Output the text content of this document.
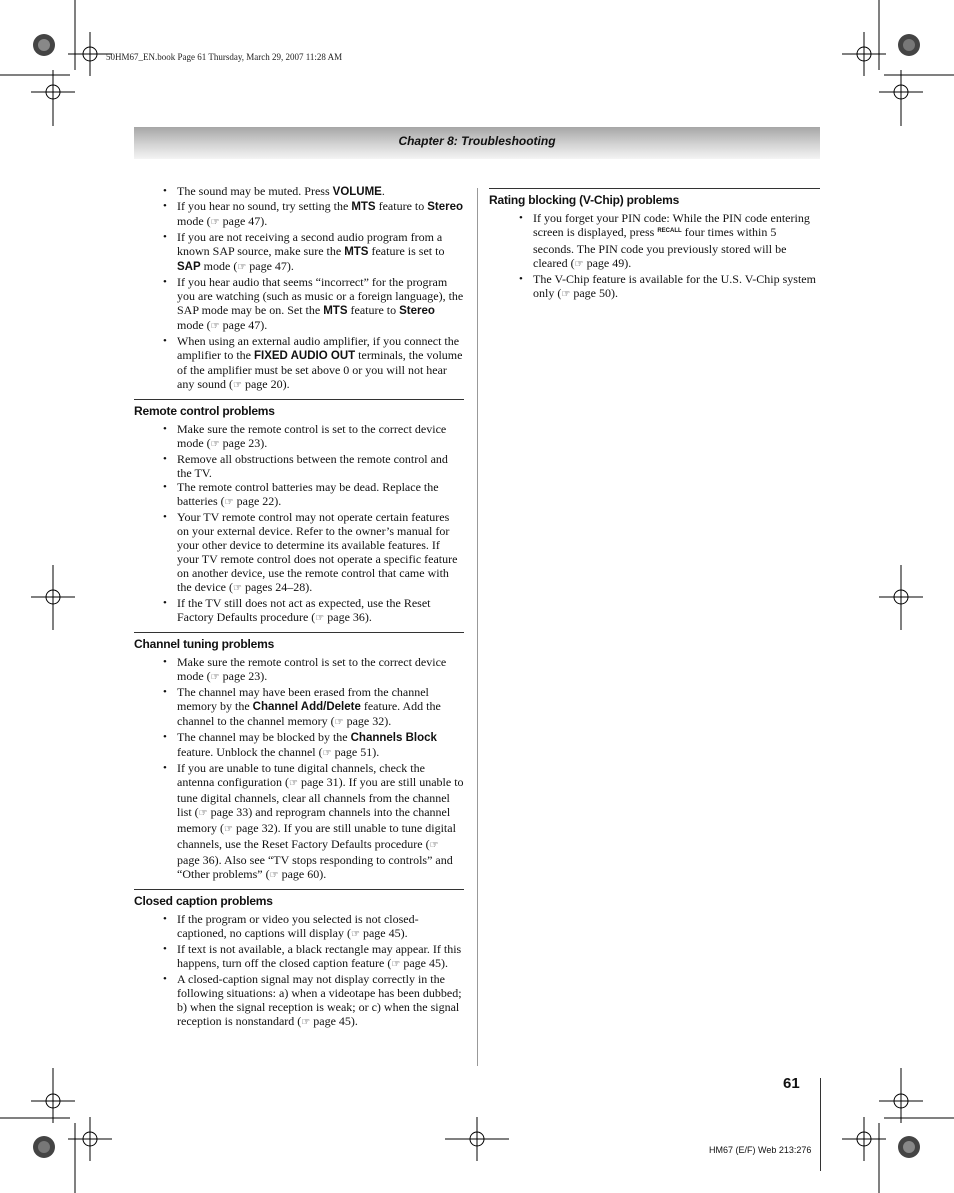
50HM67_EN.book Page 61 Thursday, March 29, 2007 11:28 AM
Chapter 8: Troubleshooting
• The sound may be muted. Press VOLUME.
• If you hear no sound, try setting the MTS feature to Stereo mode (☞ page 47).
• If you are not receiving a second audio program from a known SAP source, make sure the MTS feature is set to SAP mode (☞ page 47).
• If you hear audio that seems “incorrect” for the program you are watching (such as music or a foreign language), the SAP mode may be on. Set the MTS feature to Stereo mode (☞ page 47).
• When using an external audio amplifier, if you connect the amplifier to the FIXED AUDIO OUT terminals, the volume of the amplifier must be set above 0 or you will not hear any sound (☞ page 20).
Remote control problems
• Make sure the remote control is set to the correct device mode (☞ page 23).
• Remove all obstructions between the remote control and the TV.
• The remote control batteries may be dead. Replace the batteries (☞ page 22).
• Your TV remote control may not operate certain features on your external device. Refer to the owner’s manual for your other device to determine its available features. If your TV remote control does not operate a specific feature on another device, use the remote control that came with the device (☞ pages 24–28).
• If the TV still does not act as expected, use the Reset Factory Defaults procedure (☞ page 36).
Channel tuning problems
• Make sure the remote control is set to the correct device mode (☞ page 23).
• The channel may have been erased from the channel memory by the Channel Add/Delete feature. Add the channel to the channel memory (☞ page 32).
• The channel may be blocked by the Channels Block feature. Unblock the channel (☞ page 51).
• If you are unable to tune digital channels, check the antenna configuration (☞ page 31). If you are still unable to tune digital channels, clear all channels from the channel list (☞ page 33) and reprogram channels into the channel memory (☞ page 32). If you are still unable to tune digital channels, use the Reset Factory Defaults procedure (☞ page 36). Also see “TV stops responding to controls” and “Other problems” (☞ page 60).
Closed caption problems
• If the program or video you selected is not closed-captioned, no captions will display (☞ page 45).
• If text is not available, a black rectangle may appear. If this happens, turn off the closed caption feature (☞ page 45).
• A closed-caption signal may not display correctly in the following situations: a) when a videotape has been dubbed; b) when the signal reception is weak; or c) when the signal reception is nonstandard (☞ page 45).
Rating blocking (V-Chip) problems
• If you forget your PIN code: While the PIN code entering screen is displayed, press $^{RECALL}$ four times within 5 seconds. The PIN code you previously stored will be cleared (☞ page 49).
• The V-Chip feature is available for the U.S. V-Chip system only (☞ page 50).
61
HM67 (E/F) Web 213:276
